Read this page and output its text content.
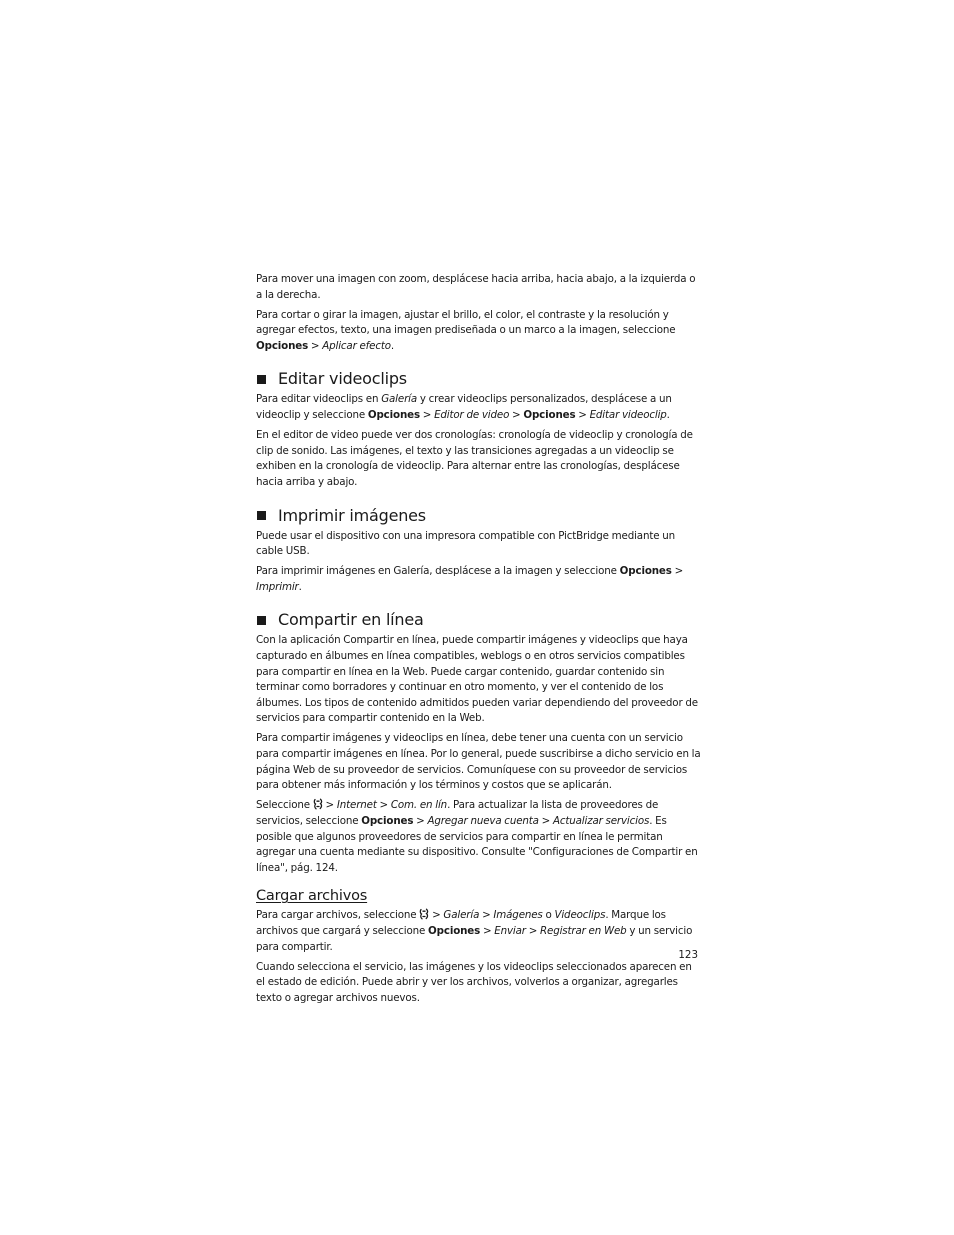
Para mover una imagen con zoom, desplácese hacia arriba, hacia abajo, a la izquierda o a la derecha.

Para cortar o girar la imagen, ajustar el brillo, el color, el contraste y la resolución y agregar efectos, texto, una imagen prediseñada o un marco a la imagen, seleccione Opciones > Aplicar efecto.

Editar videoclips

Para editar videoclips en Galería y crear videoclips personalizados, desplácese a un videoclip y seleccione Opciones > Editor de video > Opciones > Editar videoclip.

En el editor de video puede ver dos cronologías: cronología de videoclip y cronología de clip de sonido. Las imágenes, el texto y las transiciones agregadas a un videoclip se exhiben en la cronología de videoclip. Para alternar entre las cronologías, desplácese hacia arriba y abajo.

Imprimir imágenes

Puede usar el dispositivo con una impresora compatible con PictBridge mediante un cable USB.

Para imprimir imágenes en Galería, desplácese a la imagen y seleccione Opciones > Imprimir.

Compartir en línea

Con la aplicación Compartir en línea, puede compartir imágenes y videoclips que haya capturado en álbumes en línea compatibles, weblogs o en otros servicios compatibles para compartir en línea en la Web. Puede cargar contenido, guardar contenido sin terminar como borradores y continuar en otro momento, y ver el contenido de los álbumes. Los tipos de contenido admitidos pueden variar dependiendo del proveedor de servicios para compartir contenido en la Web.

Para compartir imágenes y videoclips en línea, debe tener una cuenta con un servicio para compartir imágenes en línea. Por lo general, puede suscribirse a dicho servicio en la página Web de su proveedor de servicios. Comuníquese con su proveedor de servicios para obtener más información y los términos y costos que se aplicarán.

Seleccione  > Internet > Com. en lín. Para actualizar la lista de proveedores de servicios, seleccione Opciones > Agregar nueva cuenta > Actualizar servicios. Es posible que algunos proveedores de servicios para compartir en línea le permitan agregar una cuenta mediante su dispositivo. Consulte "Configuraciones de Compartir en línea", pág. 124.

Cargar archivos

Para cargar archivos, seleccione  > Galería > Imágenes o Videoclips. Marque los archivos que cargará y seleccione Opciones > Enviar > Registrar en Web y un servicio para compartir.

Cuando selecciona el servicio, las imágenes y los videoclips seleccionados aparecen en el estado de edición. Puede abrir y ver los archivos, volverlos a organizar, agregarles texto o agregar archivos nuevos.

123
